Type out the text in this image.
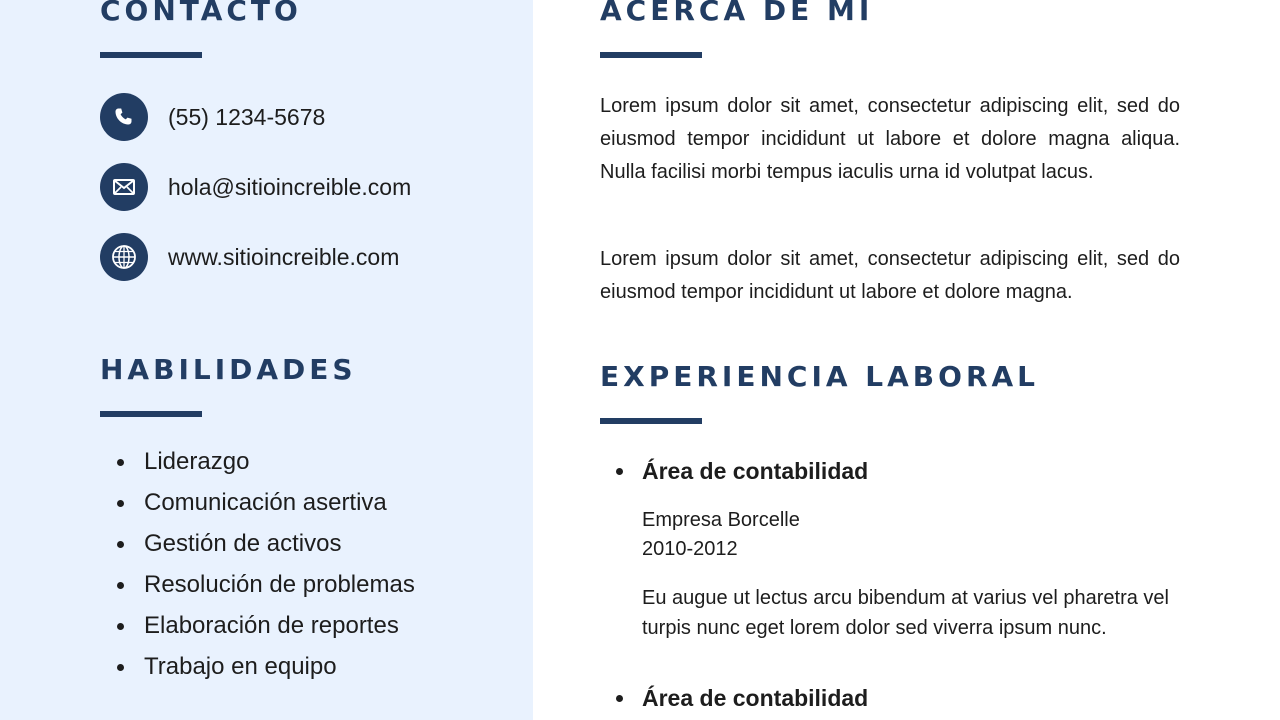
CONTACTO
(55) 1234-5678
hola@sitioincreible.com
www.sitioincreible.com
HABILIDADES
Liderazgo
Comunicación asertiva
Gestión de activos
Resolución de problemas
Elaboración de reportes
Trabajo en equipo
ACERCA DE MI

Lorem ipsum dolor sit amet, consectetur adipiscing elit, sed do eiusmod tempor incididunt ut labore et dolore magna aliqua. Nulla facilisi morbi tempus iaculis urna id volutpat lacus.

Lorem ipsum dolor sit amet, consectetur adipiscing elit, sed do eiusmod tempor incididunt ut labore et dolore magna.

EXPERIENCIA LABORAL

Área de contabilidad

Empresa Borcelle

2010-2012

Eu augue ut lectus arcu bibendum at varius vel pharetra vel turpis nunc eget lorem dolor sed viverra ipsum nunc.

Área de contabilidad
